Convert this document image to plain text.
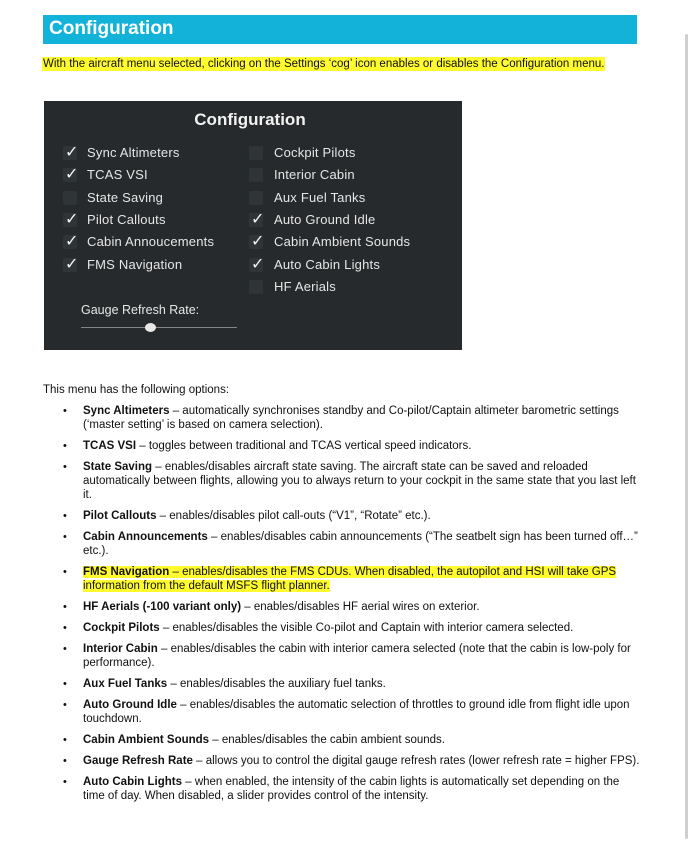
Configuration
With the aircraft menu selected, clicking on the Settings ‘cog’ icon enables or disables the Configuration menu.
Configuration
✓ Sync Altimeters
✓ TCAS VSI
State Saving
✓ Pilot Callouts
✓ Cabin Annoucements
✓ FMS Navigation
Cockpit Pilots
Interior Cabin
Aux Fuel Tanks
✓ Auto Ground Idle
✓ Cabin Ambient Sounds
✓ Auto Cabin Lights
HF Aerials
Gauge Refresh Rate:
This menu has the following options:
• Sync Altimeters – automatically synchronises standby and Co-pilot/Captain altimeter barometric settings (‘master setting’ is based on camera selection).
• TCAS VSI – toggles between traditional and TCAS vertical speed indicators.
• State Saving – enables/disables aircraft state saving. The aircraft state can be saved and reloaded automatically between flights, allowing you to always return to your cockpit in the same state that you last left it.
• Pilot Callouts – enables/disables pilot call-outs (“V1”, “Rotate” etc.).
• Cabin Announcements – enables/disables cabin announcements (“The seatbelt sign has been turned off…” etc.).
• FMS Navigation – enables/disables the FMS CDUs. When disabled, the autopilot and HSI will take GPS information from the default MSFS flight planner.
• HF Aerials (-100 variant only) – enables/disables HF aerial wires on exterior.
• Cockpit Pilots – enables/disables the visible Co-pilot and Captain with interior camera selected.
• Interior Cabin – enables/disables the cabin with interior camera selected (note that the cabin is low-poly for performance).
• Aux Fuel Tanks – enables/disables the auxiliary fuel tanks.
• Auto Ground Idle – enables/disables the automatic selection of throttles to ground idle from flight idle upon touchdown.
• Cabin Ambient Sounds – enables/disables the cabin ambient sounds.
• Gauge Refresh Rate – allows you to control the digital gauge refresh rates (lower refresh rate = higher FPS).
• Auto Cabin Lights – when enabled, the intensity of the cabin lights is automatically set depending on the time of day. When disabled, a slider provides control of the intensity.
